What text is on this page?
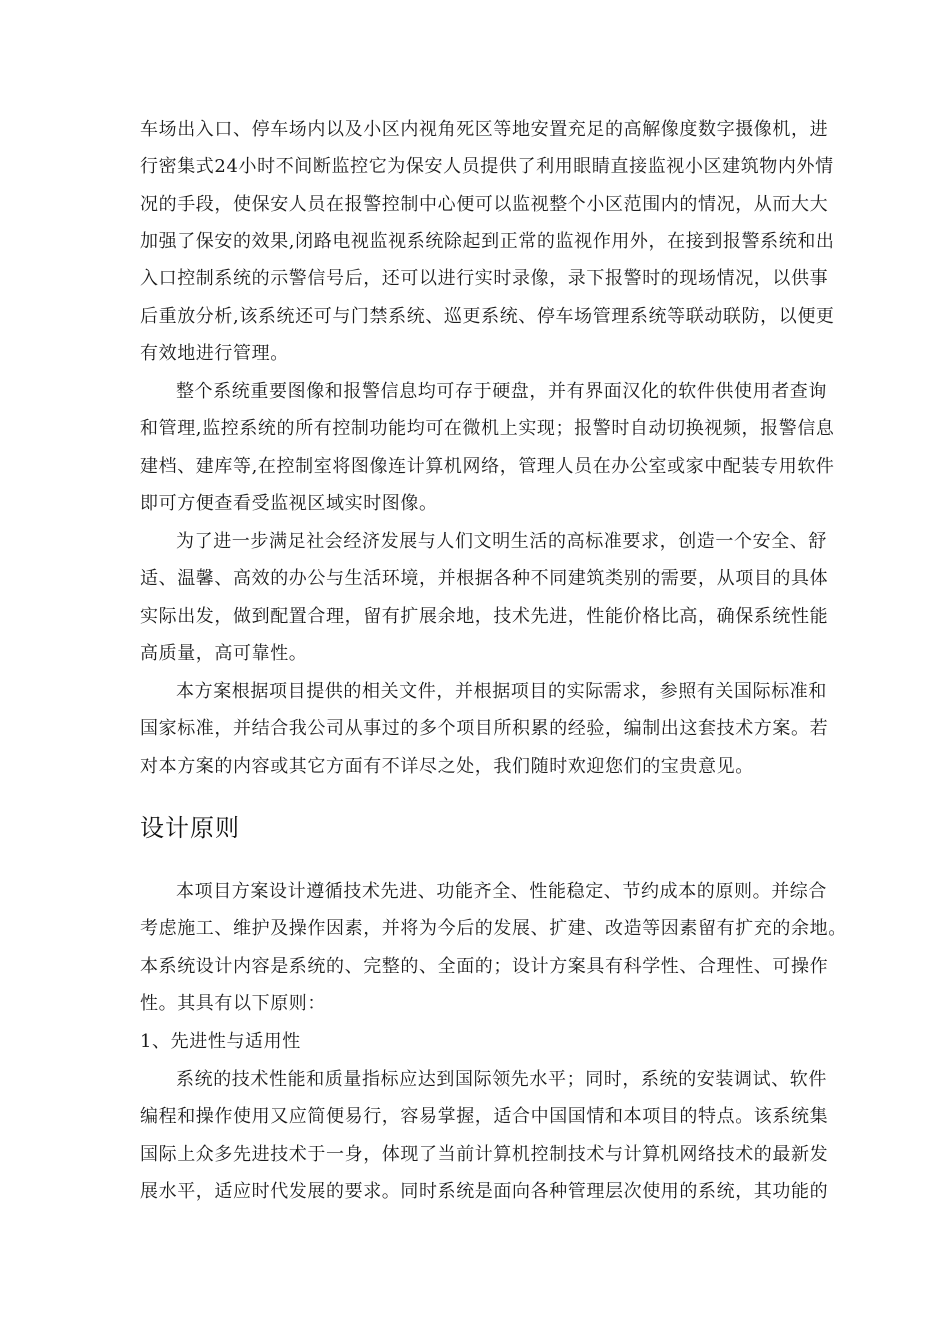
车场出入口、停车场内以及小区内视角死区等地安置充足的高解像度数字摄像机，进
行密集式24小时不间断监控它为保安人员提供了利用眼睛直接监视小区建筑物内外情
况的手段，使保安人员在报警控制中心便可以监视整个小区范围内的情况，从而大大
加强了保安的效果,闭路电视监视系统除起到正常的监视作用外，在接到报警系统和出
入口控制系统的示警信号后，还可以进行实时录像，录下报警时的现场情况，以供事
后重放分析,该系统还可与门禁系统、巡更系统、停车场管理系统等联动联防，以便更
有效地进行管理。
整个系统重要图像和报警信息均可存于硬盘，并有界面汉化的软件供使用者查询
和管理,监控系统的所有控制功能均可在微机上实现；报警时自动切换视频，报警信息
建档、建库等,在控制室将图像连计算机网络，管理人员在办公室或家中配装专用软件
即可方便查看受监视区域实时图像。
为了进一步满足社会经济发展与人们文明生活的高标准要求，创造一个安全、舒
适、温馨、高效的办公与生活环境，并根据各种不同建筑类别的需要，从项目的具体
实际出发，做到配置合理，留有扩展余地，技术先进，性能价格比高，确保系统性能
高质量，高可靠性。
本方案根据项目提供的相关文件，并根据项目的实际需求，参照有关国际标准和
国家标准，并结合我公司从事过的多个项目所积累的经验，编制出这套技术方案。若
对本方案的内容或其它方面有不详尽之处，我们随时欢迎您们的宝贵意见。
设计原则
本项目方案设计遵循技术先进、功能齐全、性能稳定、节约成本的原则。并综合
考虑施工、维护及操作因素，并将为今后的发展、扩建、改造等因素留有扩充的余地。
本系统设计内容是系统的、完整的、全面的；设计方案具有科学性、合理性、可操作
性。其具有以下原则：
1、先进性与适用性
系统的技术性能和质量指标应达到国际领先水平；同时，系统的安装调试、软件
编程和操作使用又应简便易行，容易掌握，适合中国国情和本项目的特点。该系统集
国际上众多先进技术于一身，体现了当前计算机控制技术与计算机网络技术的最新发
展水平，适应时代发展的要求。同时系统是面向各种管理层次使用的系统，其功能的
